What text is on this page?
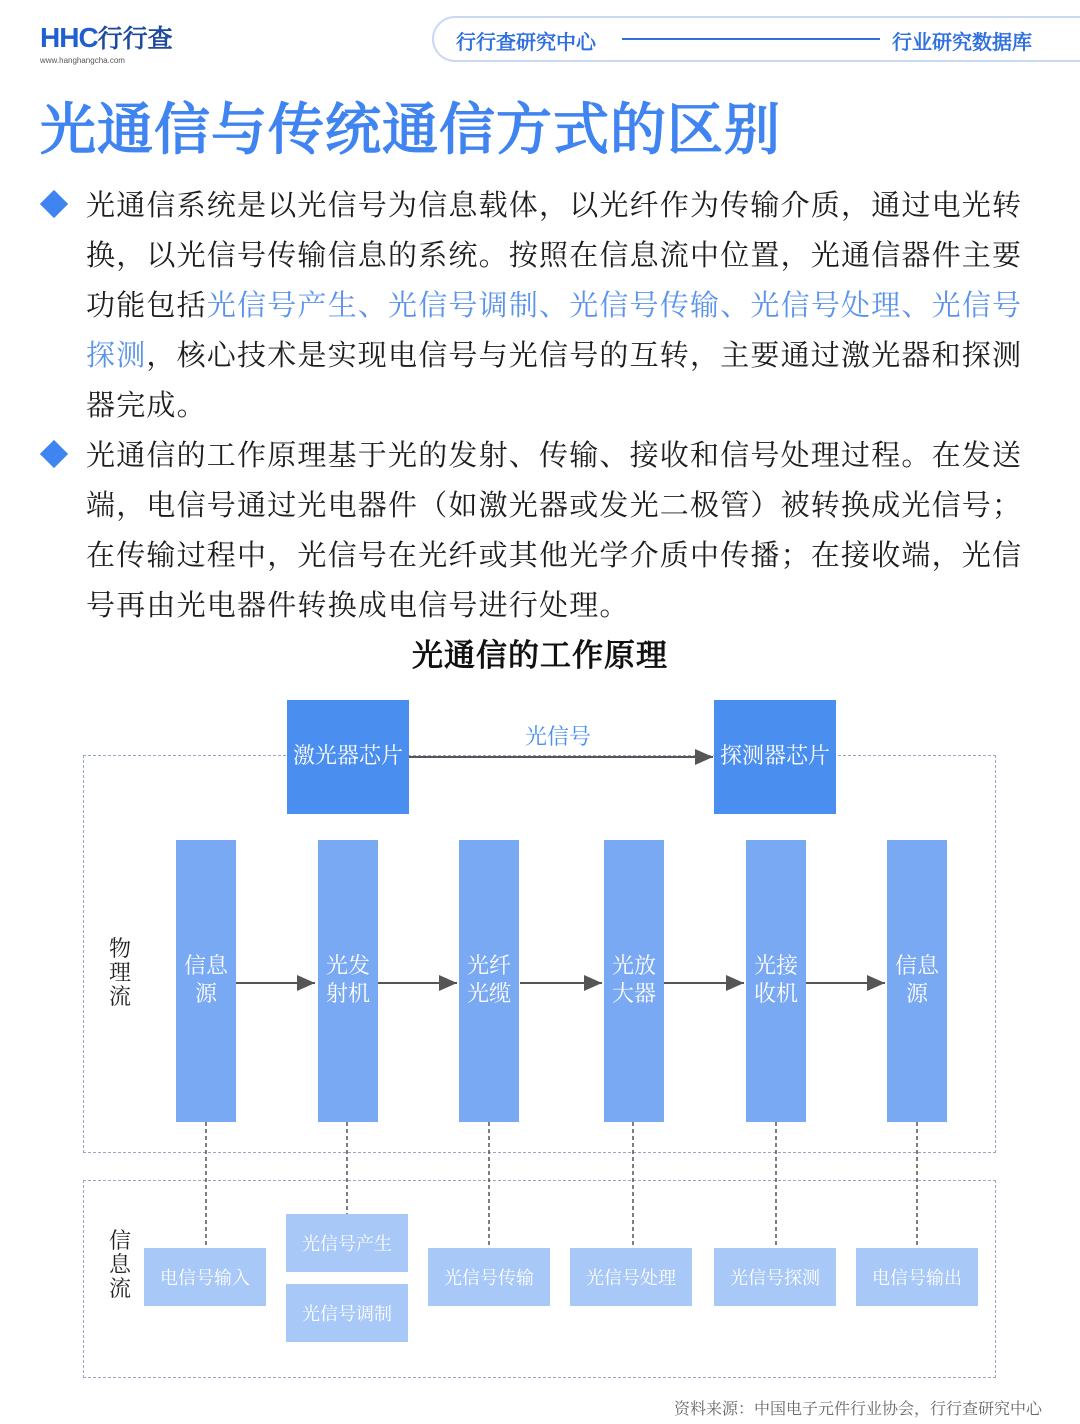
HHC行行查
www.hanghangcha.com
行行查研究中心	行业研究数据库
光通信与传统通信方式的区别

光通信系统是以光信号为信息载体，以光纤作为传输介质，通过电光转换，以光信号传输信息的系统。按照在信息流中位置，光通信器件主要功能包括光信号产生、光信号调制、光信号传输、光信号处理、光信号探测，核心技术是实现电信号与光信号的互转，主要通过激光器和探测器完成。

光通信的工作原理基于光的发射、传输、接收和信号处理过程。在发送端，电信号通过光电器件（如激光器或发光二极管）被转换成光信号；在传输过程中，光信号在光纤或其他光学介质中传播；在接收端，光信号再由光电器件转换成电信号进行处理。

光通信的工作原理
激光器芯片	探测器芯片
光信号
物理流
信息流
信息源
光发射机
光纤光缆
光放大器
光接收机
信息源
电信号输入
光信号产生
光信号调制
光信号传输	光信号处理	光信号探测	电信号输出
资料来源：中国电子元件行业协会，行行查研究中心
